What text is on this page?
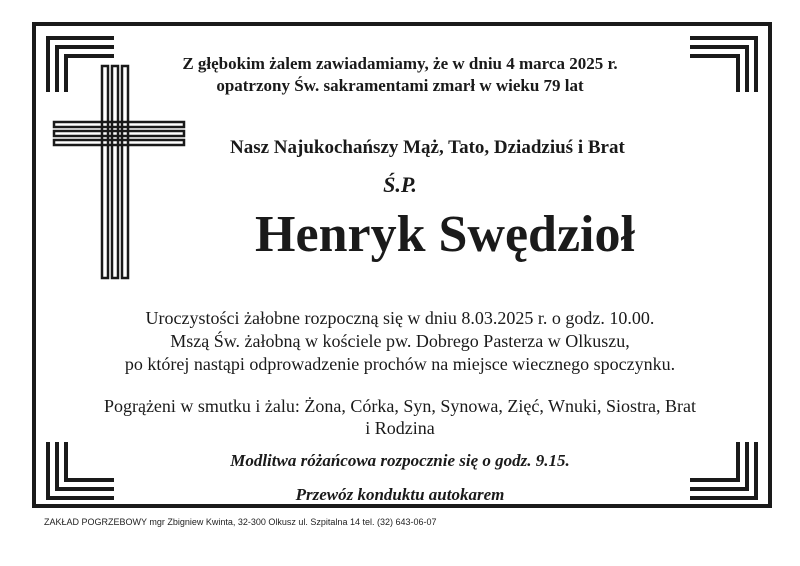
Z głębokim żalem zawiadamiamy, że w dniu 4 marca 2025 r.
opatrzony Św. sakramentami zmarł w wieku 79 lat
Nasz Najukochańszy Mąż, Tato, Dziadziuś i Brat
Ś.P.
Henryk Swędzioł
Uroczystości żałobne rozpoczną się w dniu 8.03.2025 r. o godz. 10.00.
Mszą Św. żałobną w kościele pw. Dobrego Pasterza w Olkuszu,
po której nastąpi odprowadzenie prochów na miejsce wiecznego spoczynku.
Pogrążeni w smutku i żalu: Żona, Córka, Syn, Synowa, Zięć, Wnuki, Siostra, Brat
i Rodzina
Modlitwa różańcowa rozpocznie się o godz. 9.15.
Przewóz konduktu autokarem
ZAKŁAD POGRZEBOWY mgr Zbigniew Kwinta, 32-300 Olkusz ul. Szpitalna 14 tel. (32) 643-06-07
